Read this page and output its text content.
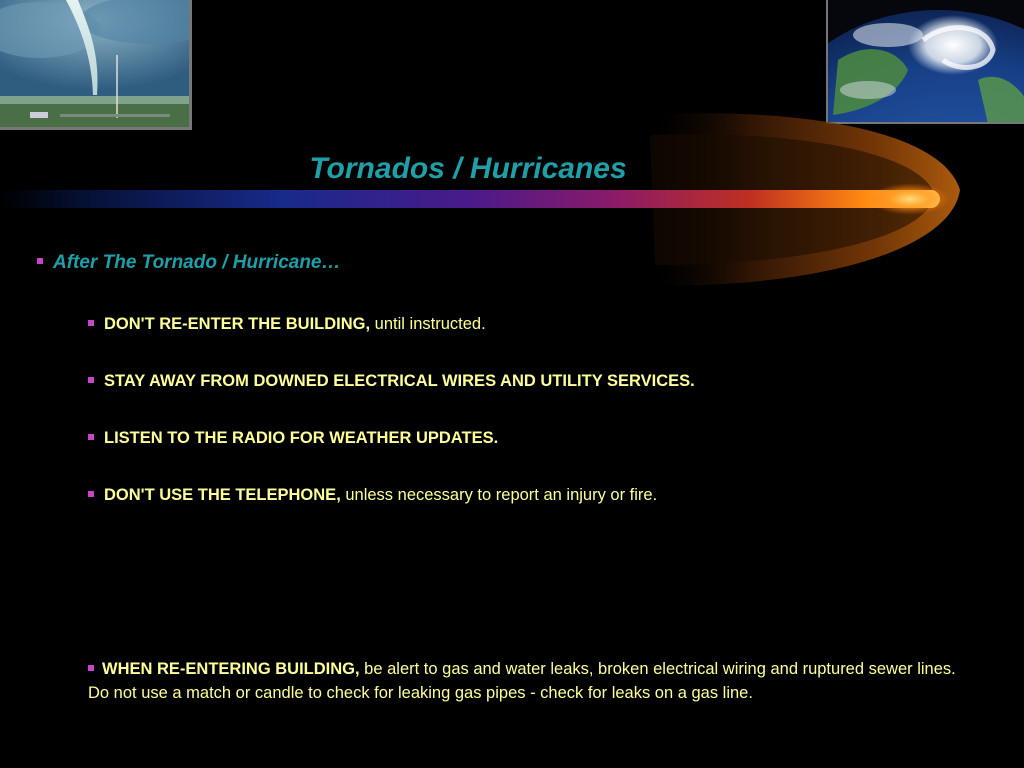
Tornados / Hurricanes
After The Tornado / Hurricane…
DON'T RE-ENTER THE BUILDING, until instructed.
STAY AWAY FROM DOWNED ELECTRICAL WIRES AND UTILITY SERVICES.
LISTEN TO THE RADIO FOR WEATHER UPDATES.
DON'T USE THE TELEPHONE, unless necessary to report an injury or fire.
WHEN RE-ENTERING BUILDING, be alert to gas and water leaks, broken electrical wiring and ruptured sewer lines. Do not use a match or candle to check for leaking gas pipes - check for leaks on a gas line.
